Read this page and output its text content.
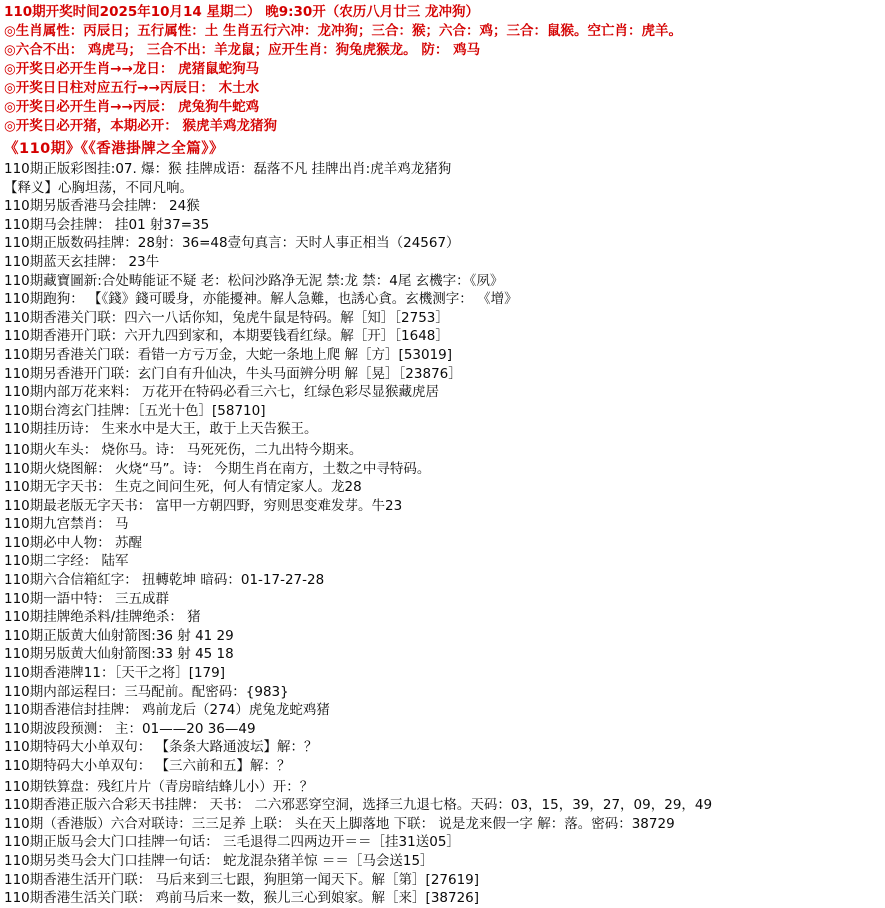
110期开奖时间2025年10月14 星期二） 晚9:30开（农历八月廿三 龙冲狗）
◎生肖属性：丙辰日；五行属性：土 生肖五行六冲：龙冲狗；三合：猴；六合：鸡；三合：鼠猴。空亡肖：虎羊。
◎六合不出： 鸡虎马； 三合不出：羊龙鼠；应开生肖：狗兔虎猴龙。 防： 鸡马
◎开奖日必开生肖→→龙日： 虎猪鼠蛇狗马
◎开奖日日柱对应五行→→丙辰日： 木土水
◎开奖日必开生肖→→丙辰： 虎兔狗牛蛇鸡
◎开奖日必开猪，本期必开： 猴虎羊鸡龙猪狗
《110期》《《香港掛牌之全篇》》
110期正版彩图挂:07. 爆：猴 挂牌成语：磊落不凡 挂牌出肖:虎羊鸡龙猪狗
【释义】心胸坦荡，不同凡响。
110期另版香港马会挂牌： 24猴
110期马会挂牌： 挂01 射37=35
110期正版数码挂牌：28射：36=48壹句真言：天时人事正相当（24567）
110期蓝天玄挂牌： 23牛
110期藏寶圖新:合处畴能证不疑 老：松问沙路净无泥 禁:龙 禁：4尾 玄機字：《夙》
110期跑狗： 【《錢》錢可暖身，亦能擾神。解人急難，也誘心貪。玄機测字： 《增》
110期香港关门联：四六一八话你知，兔虎牛鼠是特码。解［知］［2753］
110期香港开门联：六开九四到家和，本期要钱看红绿。解［开］［1648］
110期另香港关门联：看错一方亏万金，大蛇一条地上爬 解［方］[53019]
110期另香港开门联：玄门自有升仙决，牛头马面辨分明 解［晃］［23876］
110期内部万花来料： 万花开在特码必看三六七，红绿色彩尽显猴藏虎居
110期台湾玄门挂牌：［五光十色］[58710]
110期挂历诗： 生来水中是大王，敢于上天告猴王。
110期火车头： 烧你马。诗： 马死死伤，二九出特今期来。
110期火烧图解： 火烧“马”。诗： 今期生肖在南方，土数之中寻特码。
110期无字天书： 生克之间问生死，何人有情定家人。龙28
110期最老版无字天书： 富甲一方朝四野，穷则思变难发芽。牛23
110期九宫禁肖： 马
110期必中人物： 苏醒
110期二字经： 陆军
110期六合信箱紅字： 扭轉乾坤 暗码：01-17-27-28
110期一語中特： 三五成群
110期挂牌绝杀料/挂牌绝杀： 猪
110期正版黄大仙射箭图:36 射 41 29
110期另版黄大仙射箭图:33 射 45 18
110期香港牌11：［天干之将］[179]
110期内部运程曰：三马配前。配密码：{983}
110期香港信封挂牌： 鸡前龙后（274）虎兔龙蛇鸡猪
110期波段预测： 主：01——20 36—49
110期特码大小单双句： 【条条大路通波坛】解：？
110期特码大小单双句： 【三六前和五】解：？
110期铁算盘：残红片片（青房暗结蜂儿小）开：？
110期香港正版六合彩天书挂牌： 天书： 二六邪恶穿空洞，选择三九退七格。天码：03，15，39，27，09，29，49
110期（香港版）六合对联诗：三三足养 上联： 头在天上脚落地 下联： 说是龙来假一字 解：落。密码：38729
110期正版马会大门口挂牌一句话： 三毛退得二四两边开＝＝［挂31送05］
110期另类马会大门口挂牌一句话： 蛇龙混杂猪羊惊 ＝＝［马会送15］
110期香港生活开门联： 马后来到三七跟，狗胆第一闻天下。解［第］[27619]
110期香港生活关门联： 鸡前马后来一数，猴儿三心到娘家。解［来］[38726]
